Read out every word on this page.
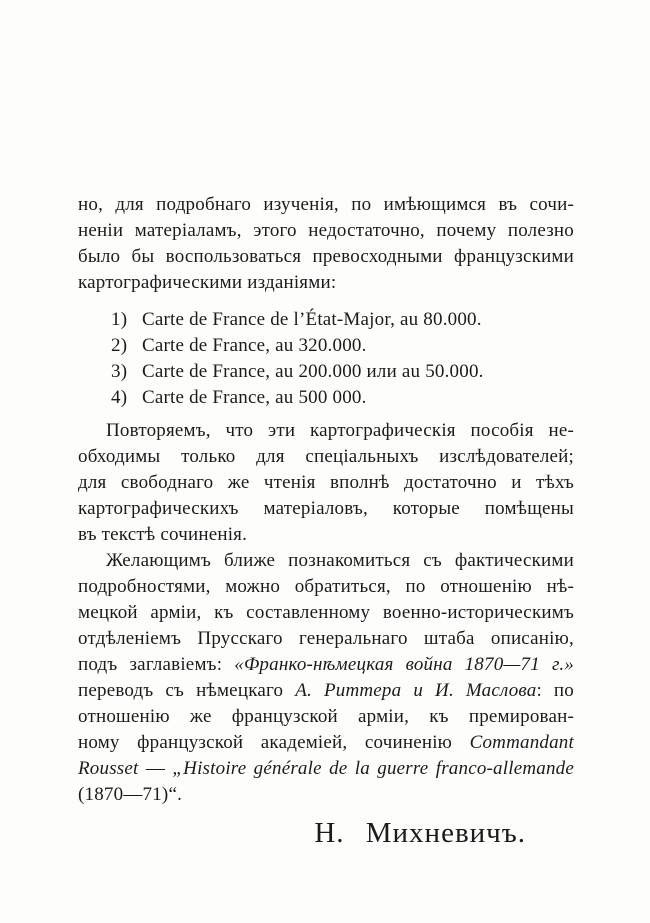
но, для подробнаго изученія, по имѣющимся въ сочи-
неніи матеріаламъ, этого недостаточно, почему полезно
было бы воспользоваться превосходными французскими
картографическими изданіями:
1) Carte de France de l’État-Major, au 80.000.
2) Carte de France, au 320.000.
3) Carte de France, au 200.000 или au 50.000.
4) Carte de France, au 500 000.
Повторяемъ, что эти картографическія пособія не-
обходимы только для спеціальныхъ изслѣдователей;
для свободнаго же чтенія вполнѣ достаточно и тѣхъ
картографическихъ матеріаловъ, которые помѣщены
въ текстѣ сочиненія.
Желающимъ ближе познакомиться съ фактическими
подробностями, можно обратиться, по отношенію нѣ-
мецкой арміи, къ составленному военно-историческимъ
отдѣленіемъ Прусскаго генеральнаго штаба описанію,
подъ заглавіемъ: «Франко-нѣмецкая война 1870—71 г.»
переводъ съ нѣмецкаго А. Риттера и И. Маслова: по
отношенію же французской арміи, къ премирован-
ному французской академіей, сочиненію Commandant
Rousset — „Histoire générale de la guerre franco-allemande
(1870—71)“.
Н. Михневичъ.
